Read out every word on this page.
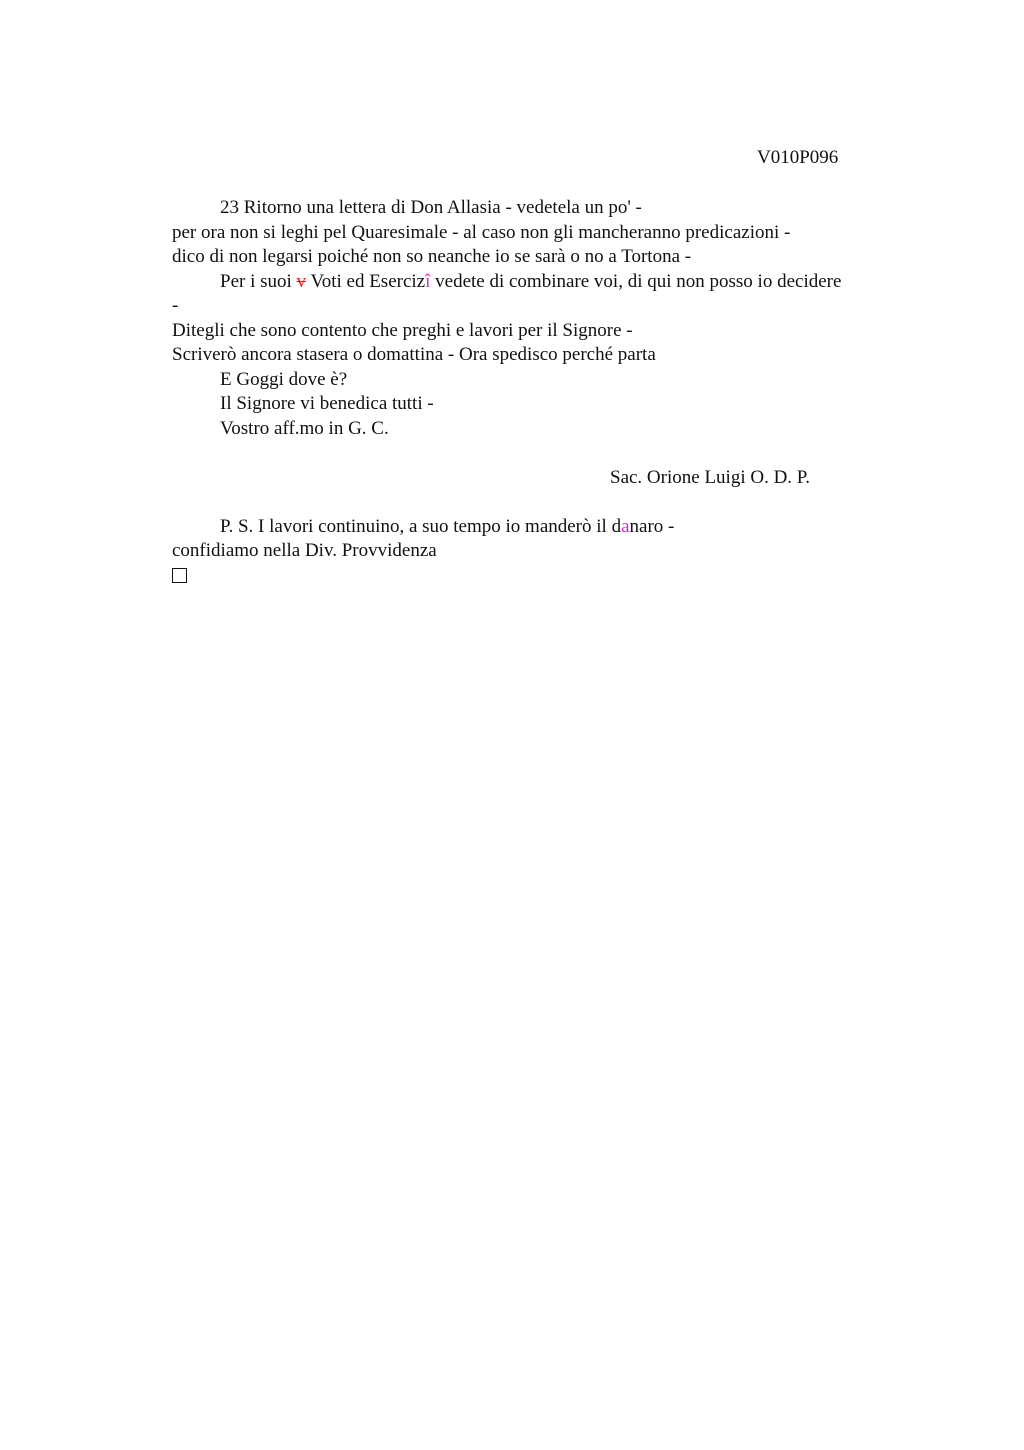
V010P096
23 Ritorno una lettera di Don Allasia - vedetela un po' -
per ora non si leghi pel Quaresimale - al caso non gli mancheranno predicazioni -
dico di non legarsi poiché non so neanche io se sarà o no a Tortona -
Per i suoi v Voti ed Esercizî vedete di combinare voi, di qui non posso io decidere
-
Ditegli che sono contento che preghi e lavori per il Signore -
Scriverò ancora stasera o domattina - Ora spedisco perché parta
E Goggi dove è?
Il Signore vi benedica tutti -
Vostro aff.mo in G. C.
Sac. Orione Luigi O. D. P.
P. S. I lavori continuino, a suo tempo io manderò il danaro -
confidiamo nella Div. Provvidenza
